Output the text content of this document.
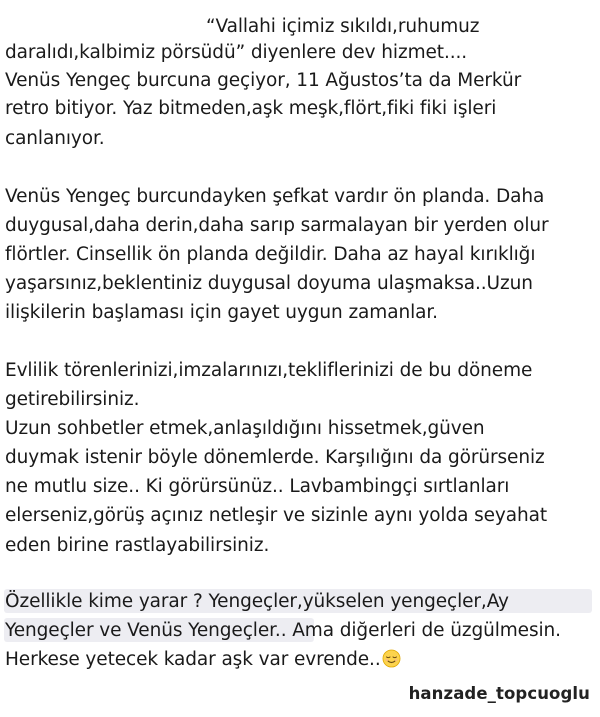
“Vallahi içimiz sıkıldı,ruhumuz
daralıdı,kalbimiz pörsüdü” diyenlere dev hizmet....
Venüs Yengeç burcuna geçiyor, 11 Ağustos’ta da Merkür
retro bitiyor. Yaz bitmeden,aşk meşk,flört,fiki fiki işleri
canlanıyor.
Venüs Yengeç burcundayken şefkat vardır ön planda. Daha
duygusal,daha derin,daha sarıp sarmalayan bir yerden olur
flörtler. Cinsellik ön planda değildir. Daha az hayal kırıklığı
yaşarsınız,beklentiniz duygusal doyuma ulaşmaksa..Uzun
ilişkilerin başlaması için gayet uygun zamanlar.
Evlilik törenlerinizi,imzalarınızı,tekliflerinizi de bu döneme
getirebilirsiniz.
Uzun sohbetler etmek,anlaşıldığını hissetmek,güven
duymak istenir böyle dönemlerde. Karşılığını da görürseniz
ne mutlu size.. Ki görürsünüz.. Lavbambingçi sırtlanları
elerseniz,görüş açınız netleşir ve sizinle aynı yolda seyahat
eden birine rastlayabilirsiniz.
Özellikle kime yarar ? Yengeçler,yükselen yengeçler,Ay
Yengeçler ve Venüs Yengeçler.. Ama diğerleri de üzgülmesin.
Herkese yetecek kadar aşk var evrende..
hanzade_topcuoglu
